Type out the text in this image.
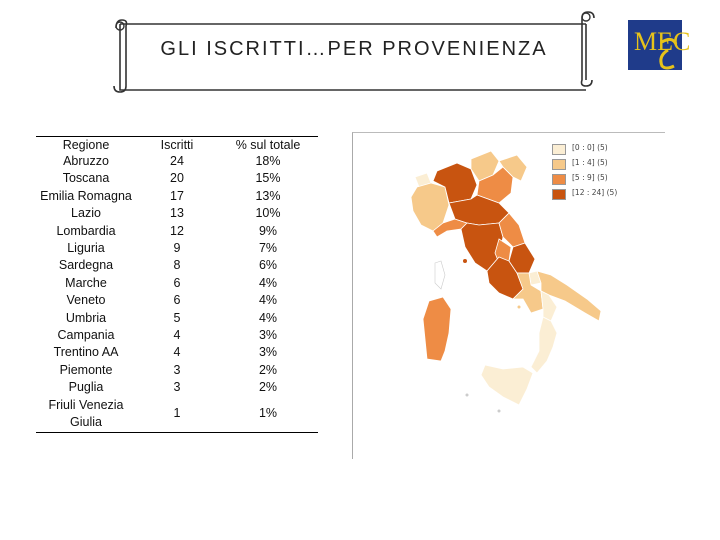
GLI ISCRITTI…PER PROVENIENZA	MEC
Regione	Iscritti	% sul totale
Abruzzo	24	18%
Toscana	20	15%
Emilia Romagna	17	13%
Lazio	13	10%
Lombardia	12	9%
Liguria	9	7%
Sardegna	8	6%
Marche	6	4%
Veneto	6	4%
Umbria	5	4%
Campania	4	3%
Trentino AA	4	3%
Piemonte	3	2%
Puglia	3	2%
Friuli Venezia Giulia	1	1%
[0 : 0] (5)
[1 : 4] (5)
[5 : 9] (5)
[12 : 24] (5)
